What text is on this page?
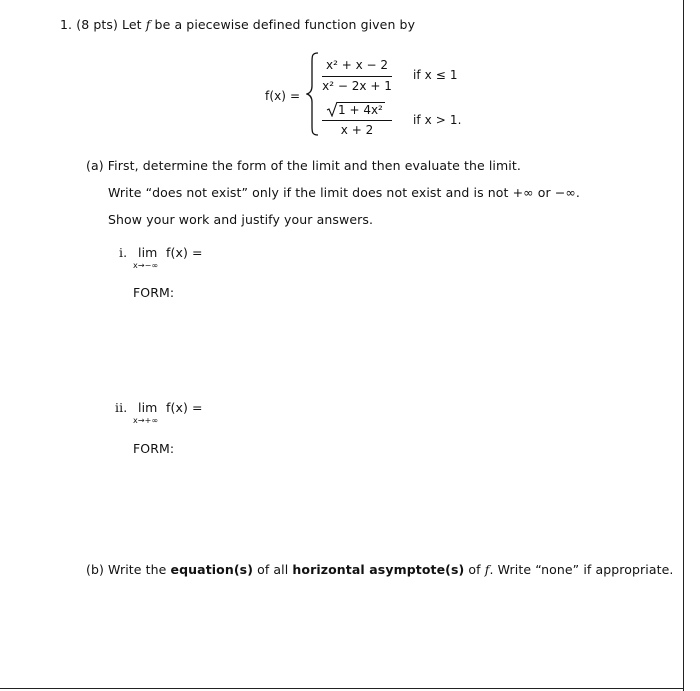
1. (8 pts) Let f be a piecewise defined function given by
f(x) =
x² + x − 2
x² − 2x + 1
if x ≤ 1
1 + 4x²
x + 2
if x > 1.
(a) First, determine the form of the limit and then evaluate the limit.
Write “does not exist” only if the limit does not exist and is not +∞ or −∞.
Show your work and justify your answers.
i. lim
x→−∞
f(x) =
FORM:
ii. lim
x→+∞
f(x) =
FORM:
(b) Write the equation(s) of all horizontal asymptote(s) of f. Write “none” if appropriate.
